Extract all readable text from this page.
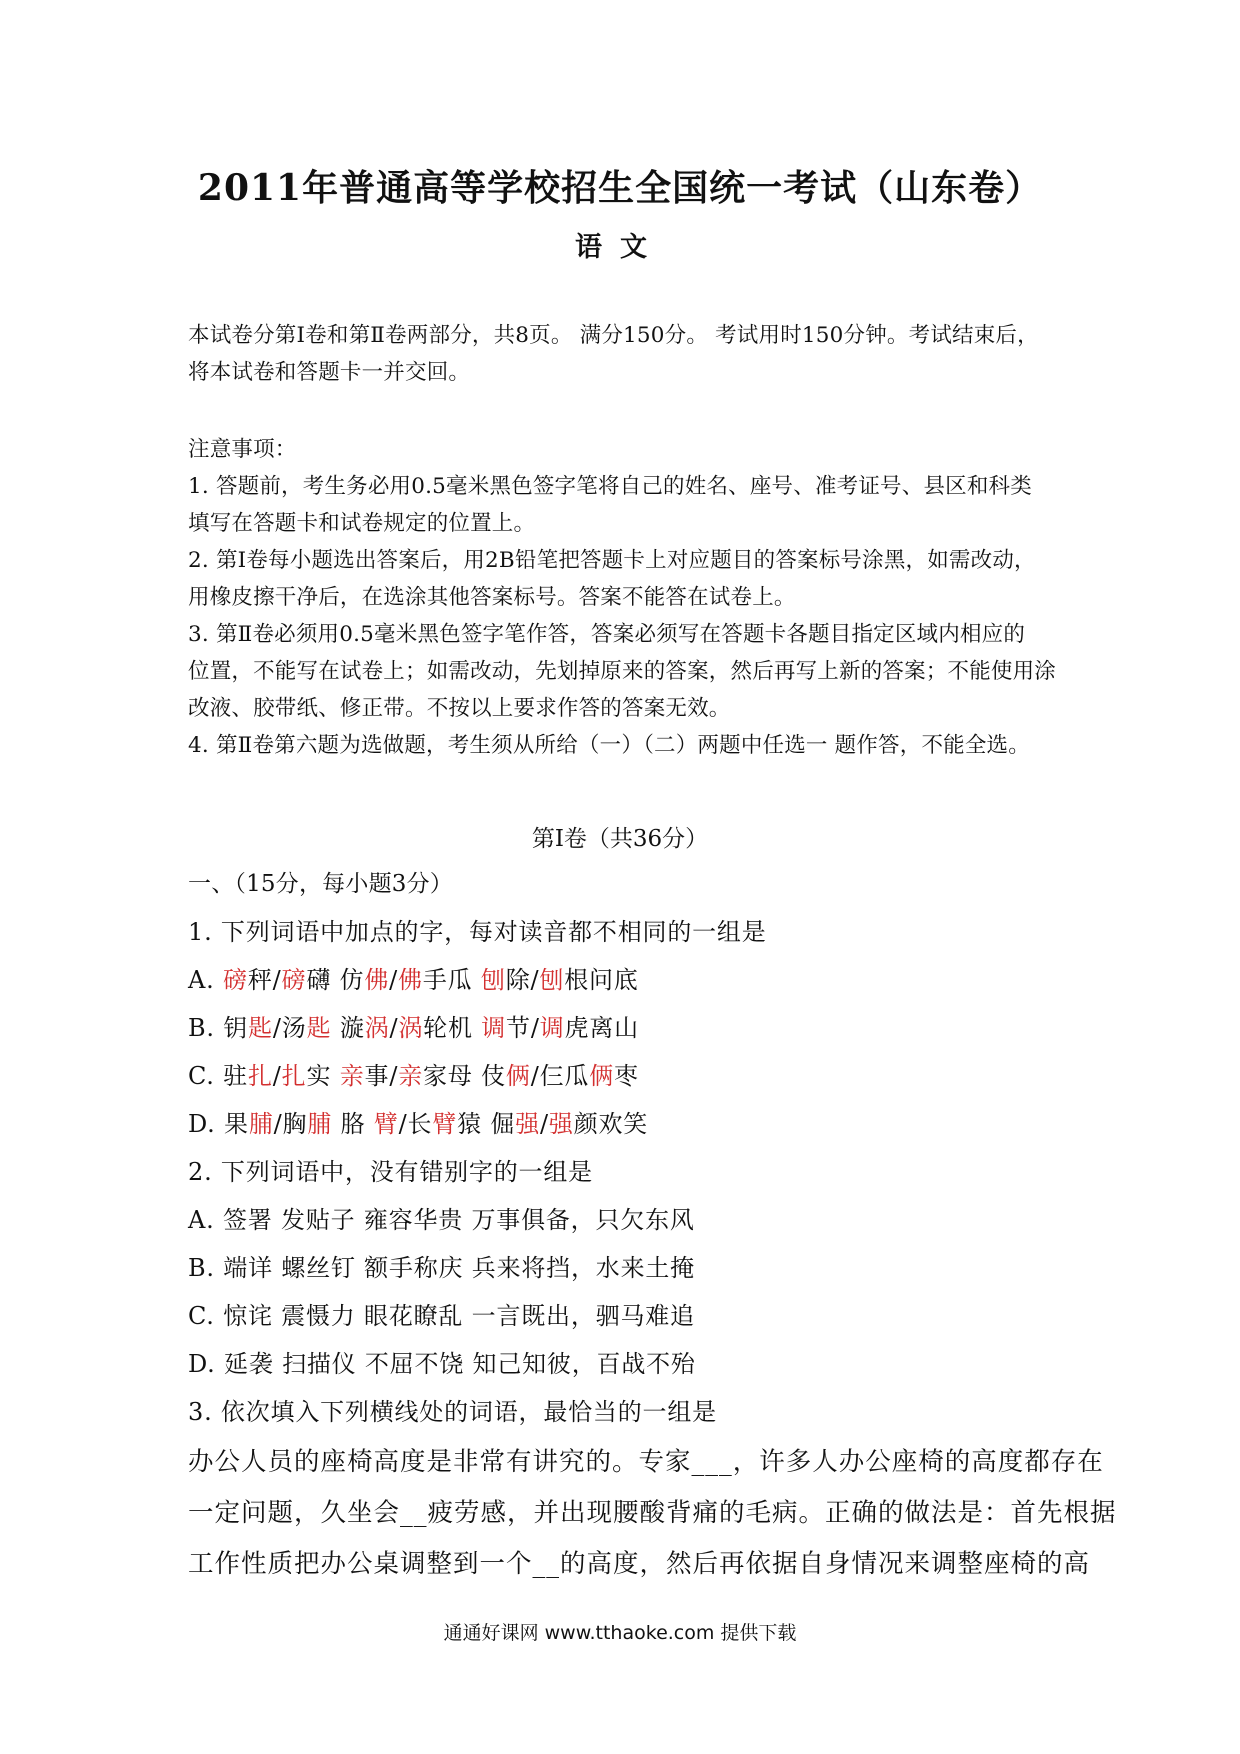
2011年普通高等学校招生全国统一考试（山东卷）
语文
本试卷分第Ⅰ卷和第Ⅱ卷两部分，共8页。 满分150分。 考试用时150分钟。考试结束后，
将本试卷和答题卡一并交回。
注意事项：
1. 答题前，考生务必用0.5毫米黑色签字笔将自己的姓名、座号、准考证号、县区和科类
填写在答题卡和试卷规定的位置上。
2. 第Ⅰ卷每小题选出答案后，用2B铅笔把答题卡上对应题目的答案标号涂黑，如需改动，
用橡皮擦干净后，在选涂其他答案标号。答案不能答在试卷上。
3. 第Ⅱ卷必须用0.5毫米黑色签字笔作答，答案必须写在答题卡各题目指定区域内相应的
位置，不能写在试卷上；如需改动，先划掉原来的答案，然后再写上新的答案；不能使用涂
改液、胶带纸、修正带。不按以上要求作答的答案无效。
4. 第Ⅱ卷第六题为选做题，考生须从所给（一）（二）两题中任选一 题作答，不能全选。
第Ⅰ卷（共36分）
一、（15分，每小题3分）
1. 下列词语中加点的字，每对读音都不相同的一组是
A. 磅秤/磅礴 仿佛/佛手瓜 刨除/刨根问底
B. 钥匙/汤匙 漩涡/涡轮机 调节/调虎离山
C. 驻扎/扎实 亲事/亲家母 伎俩/仨瓜俩枣
D. 果脯/胸脯 胳 臂/长臂猿 倔强/强颜欢笑
2. 下列词语中，没有错别字的一组是
A. 签署 发贴子 雍容华贵 万事俱备，只欠东风
B. 端详 螺丝钉 额手称庆 兵来将挡，水来土掩
C. 惊诧 震慑力 眼花瞭乱 一言既出，驷马难追
D. 延袭 扫描仪 不屈不饶 知己知彼，百战不殆
3. 依次填入下列横线处的词语，最恰当的一组是
办公人员的座椅高度是非常有讲究的。专家___，许多人办公座椅的高度都存在
一定问题，久坐会__疲劳感，并出现腰酸背痛的毛病。正确的做法是：首先根据
工作性质把办公桌调整到一个__的高度，然后再依据自身情况来调整座椅的高
通通好课网 www.tthaoke.com 提供下载
